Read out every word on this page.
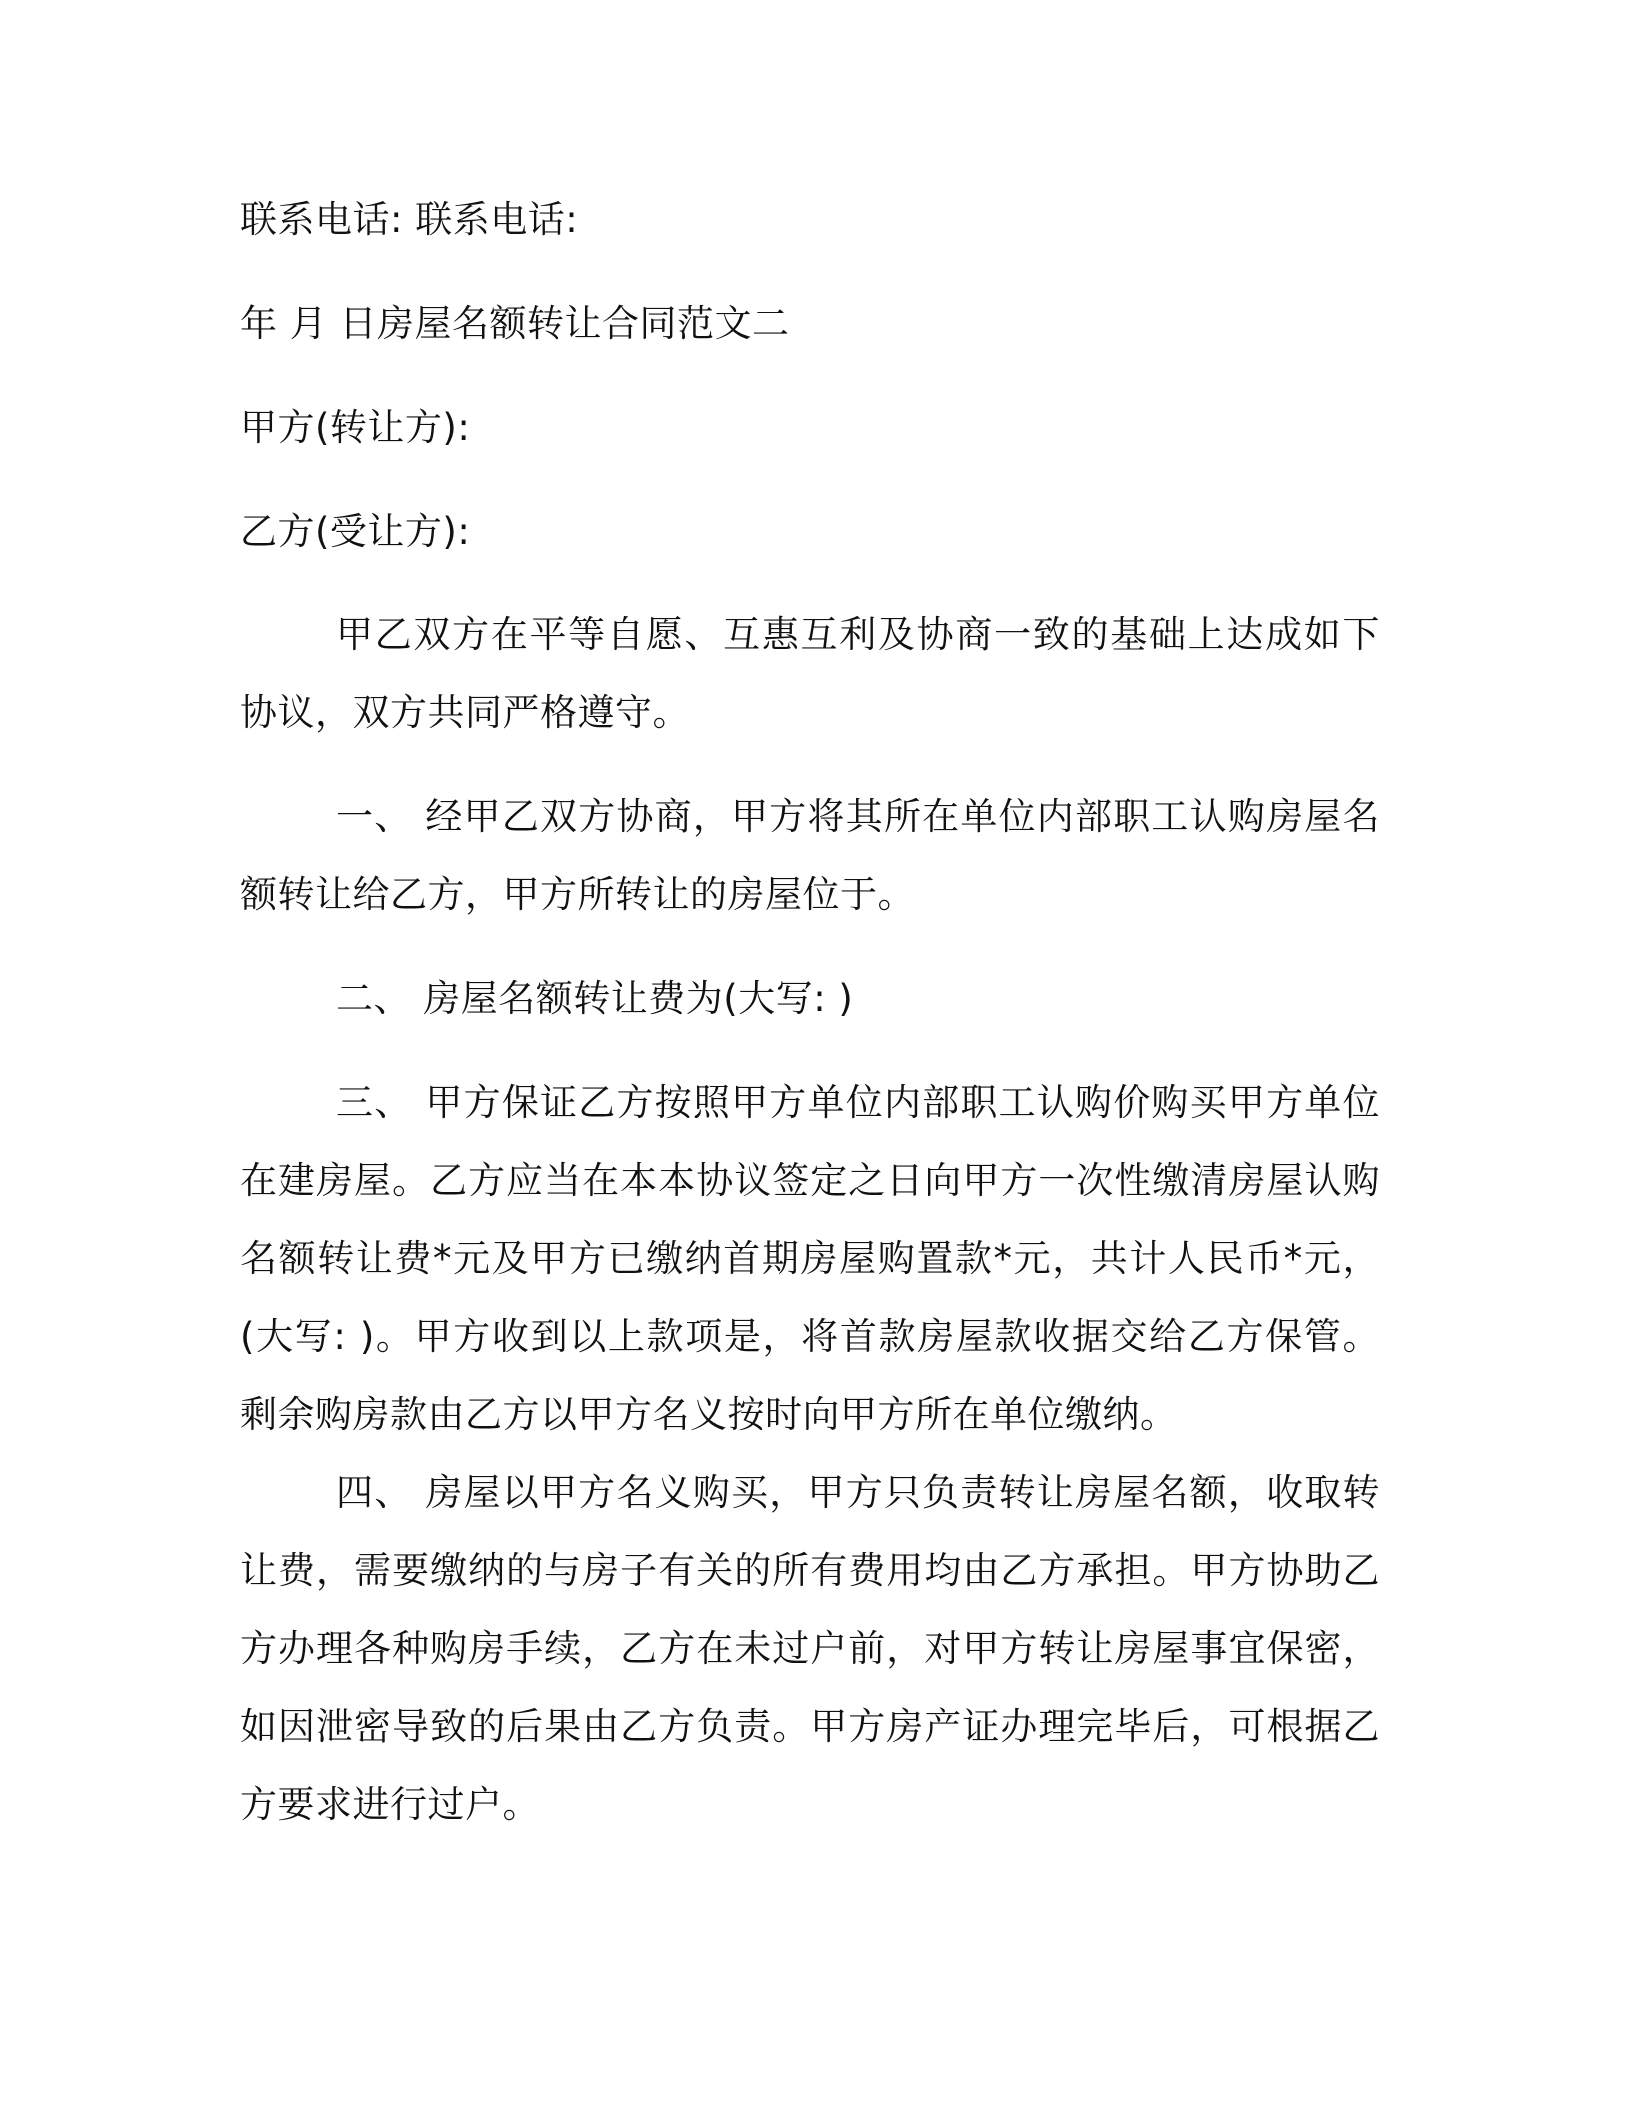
联系电话: 联系电话:

年 月 日房屋名额转让合同范文二

甲方(转让方):

乙方(受让方):

甲乙双方在平等自愿、互惠互利及协商一致的基础上达成如下协议，双方共同严格遵守。

一、 经甲乙双方协商，甲方将其所在单位内部职工认购房屋名额转让给乙方，甲方所转让的房屋位于。

二、 房屋名额转让费为(大写: )

三、 甲方保证乙方按照甲方单位内部职工认购价购买甲方单位在建房屋。乙方应当在本本协议签定之日向甲方一次性缴清房屋认购名额转让费*元及甲方已缴纳首期房屋购置款*元，共计人民币*元，(大写: )。甲方收到以上款项是，将首款房屋款收据交给乙方保管。剩余购房款由乙方以甲方名义按时向甲方所在单位缴纳。

四、 房屋以甲方名义购买，甲方只负责转让房屋名额，收取转让费，需要缴纳的与房子有关的所有费用均由乙方承担。甲方协助乙方办理各种购房手续，乙方在未过户前，对甲方转让房屋事宜保密，如因泄密导致的后果由乙方负责。甲方房产证办理完毕后，可根据乙方要求进行过户。
